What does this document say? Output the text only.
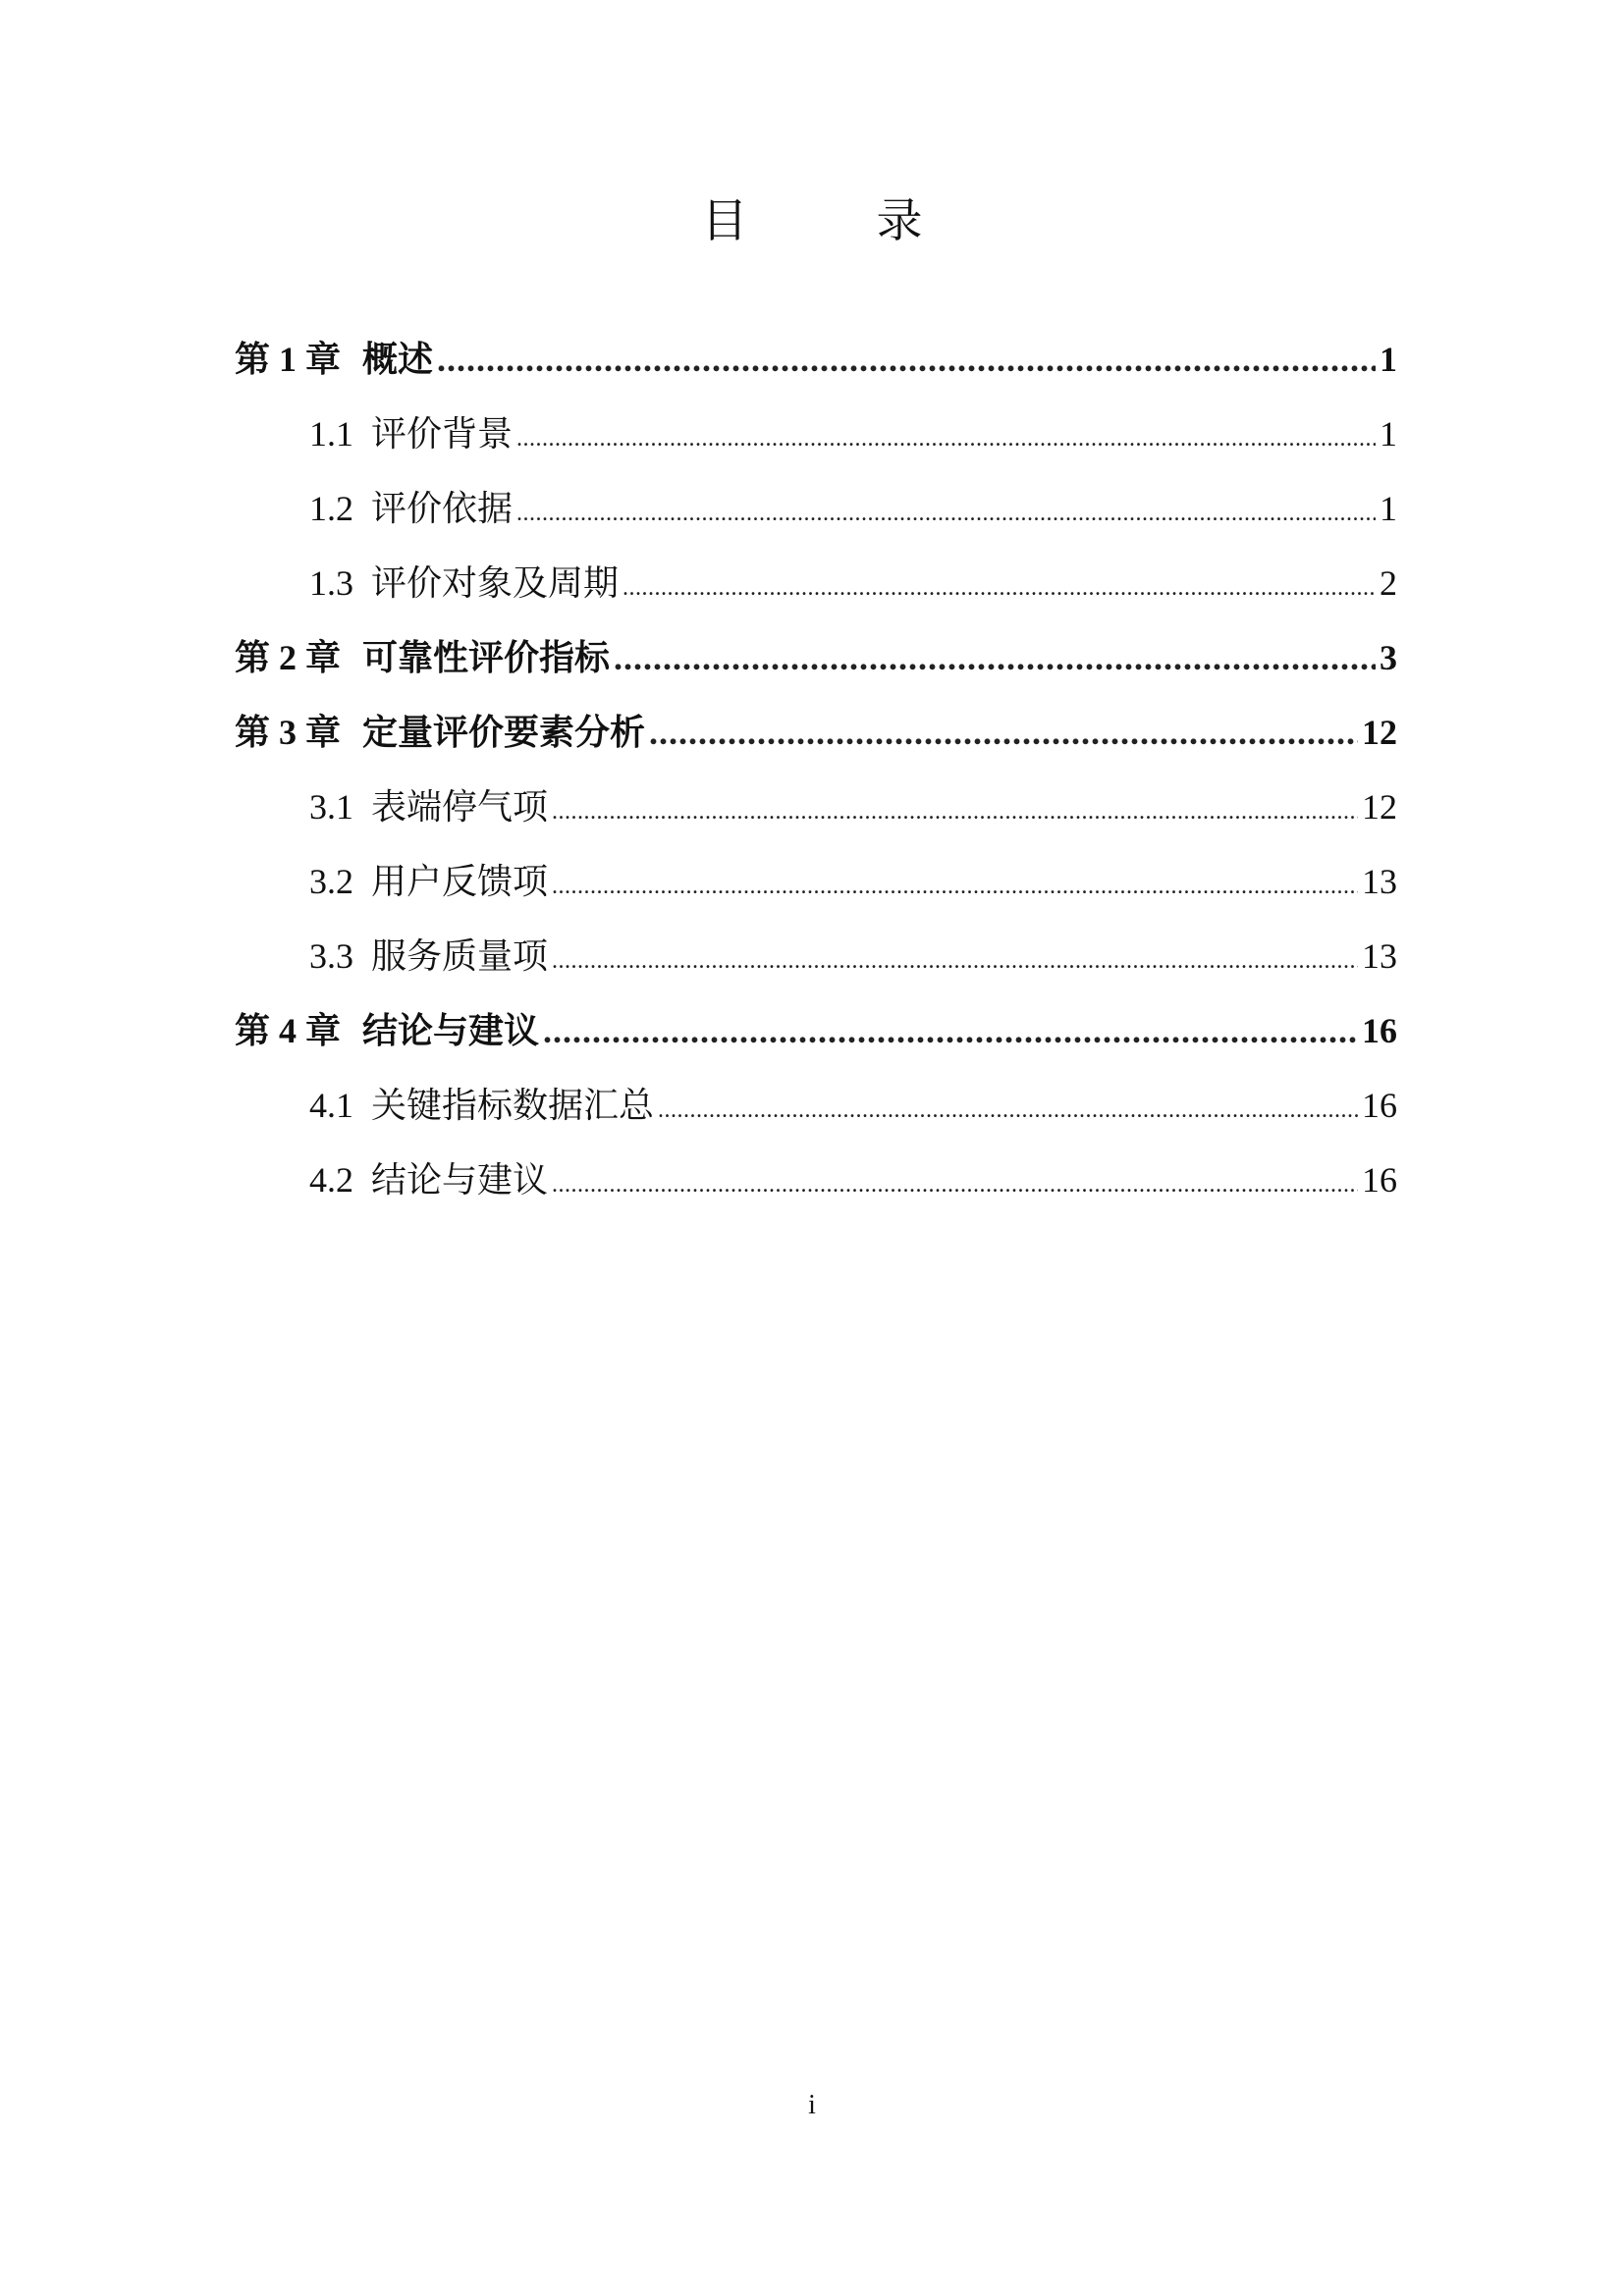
目　录
第 1 章 概述 .....	1
1.1 评价背景 .....	1
1.2 评价依据 .....	1
1.3 评价对象及周期 .....	2
第 2 章 可靠性评价指标 .....	3
第 3 章 定量评价要素分析 .....	12
3.1 表端停气项 .....	12
3.2 用户反馈项 .....	13
3.3 服务质量项 .....	13
第 4 章 结论与建议 .....	16
4.1 关键指标数据汇总 .....	16
4.2 结论与建议 .....	16
i
